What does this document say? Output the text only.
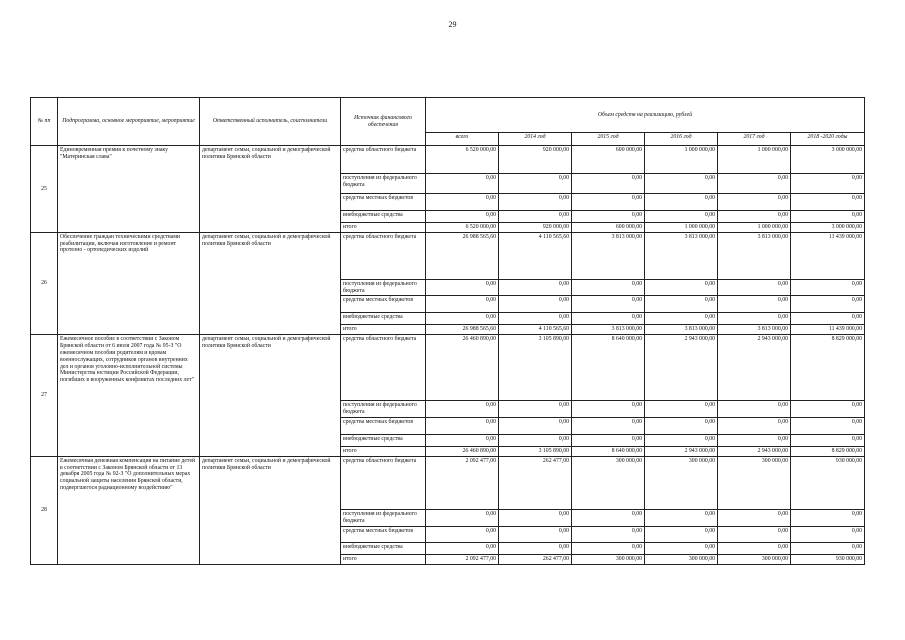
29
№ пп	Подпрограмма, основное мероприятие, мероприятие	Ответственный исполнитель, соисполнители	Источник финансового обеспечения	Объем средств на реализацию, рублей					
				всего	2014 год	2015 год	2016 год	2017 год	2018 -2020 годы
25	Единовременная премия к почетному знаку "Материнская слава"	департамент семьи, социальной и демографической политики Брянской области	средства областного бюджета	6 520 000,00	920 000,00	600 000,00	1 000 000,00	1 000 000,00	3 000 000,00
			поступления из федерального бюджета	0,00	0,00	0,00	0,00	0,00	0,00
			средства местных бюджетов	0,00	0,00	0,00	0,00	0,00	0,00
			внебюджетные средства	0,00	0,00	0,00	0,00	0,00	0,00
			итого	6 520 000,00	920 000,00	600 000,00	1 000 000,00	1 000 000,00	3 000 000,00
26	Обеспечение граждан техническими средствами реабилитации, включая изготовление и ремонт протезно - ортопедических изделий	департамент семьи, социальной и демографической политики Брянской области	средства областного бюджета	26 988 565,60	4 110 565,60	3 813 000,00	3 813 000,00	3 813 000,00	11 439 000,00
			поступления из федерального бюджета	0,00	0,00	0,00	0,00	0,00	0,00
			средства местных бюджетов	0,00	0,00	0,00	0,00	0,00	0,00
			внебюджетные средства	0,00	0,00	0,00	0,00	0,00	0,00
			итого	26 988 565,60	4 110 565,60	3 813 000,00	3 813 000,00	3 813 000,00	11 439 000,00
27	Ежемесячное пособие в соответствии с Законом Брянской области от 6 июля 2007 года № 95-З "О ежемесячном пособии родителям и вдовам военнослужащих, сотрудников органов внутренних дел и органов уголовно-исполнительной системы Министерства юстиции Российской Федерации, погибших в вооруженных конфликтах последних лет"	департамент семьи, социальной и демографической политики Брянской области	средства областного бюджета	26 460 890,00	3 105 890,00	8 640 000,00	2 943 000,00	2 943 000,00	8 829 000,00
			поступления из федерального бюджета	0,00	0,00	0,00	0,00	0,00	0,00
			средства местных бюджетов	0,00	0,00	0,00	0,00	0,00	0,00
			внебюджетные средства	0,00	0,00	0,00	0,00	0,00	0,00
			итого	26 460 890,00	3 105 890,00	8 640 000,00	2 943 000,00	2 943 000,00	8 829 000,00
28	Ежемесячная денежная компенсация на питание детей в соответствии с Законом Брянской области от 13 декабря 2005 года № 92-З "О дополнительных мерах социальной защиты населения Брянской области, подвергшегося радиационному воздействию"	департамент семьи, социальной и демографической политики Брянской области	средства областного бюджета	2 092 477,00	262 477,00	300 000,00	300 000,00	300 000,00	930 000,00
			поступления из федерального бюджета	0,00	0,00	0,00	0,00	0,00	0,00
			средства местных бюджетов	0,00	0,00	0,00	0,00	0,00	0,00
			внебюджетные средства	0,00	0,00	0,00	0,00	0,00	0,00
			итого	2 092 477,00	262 477,00	300 000,00	300 000,00	300 000,00	930 000,00
